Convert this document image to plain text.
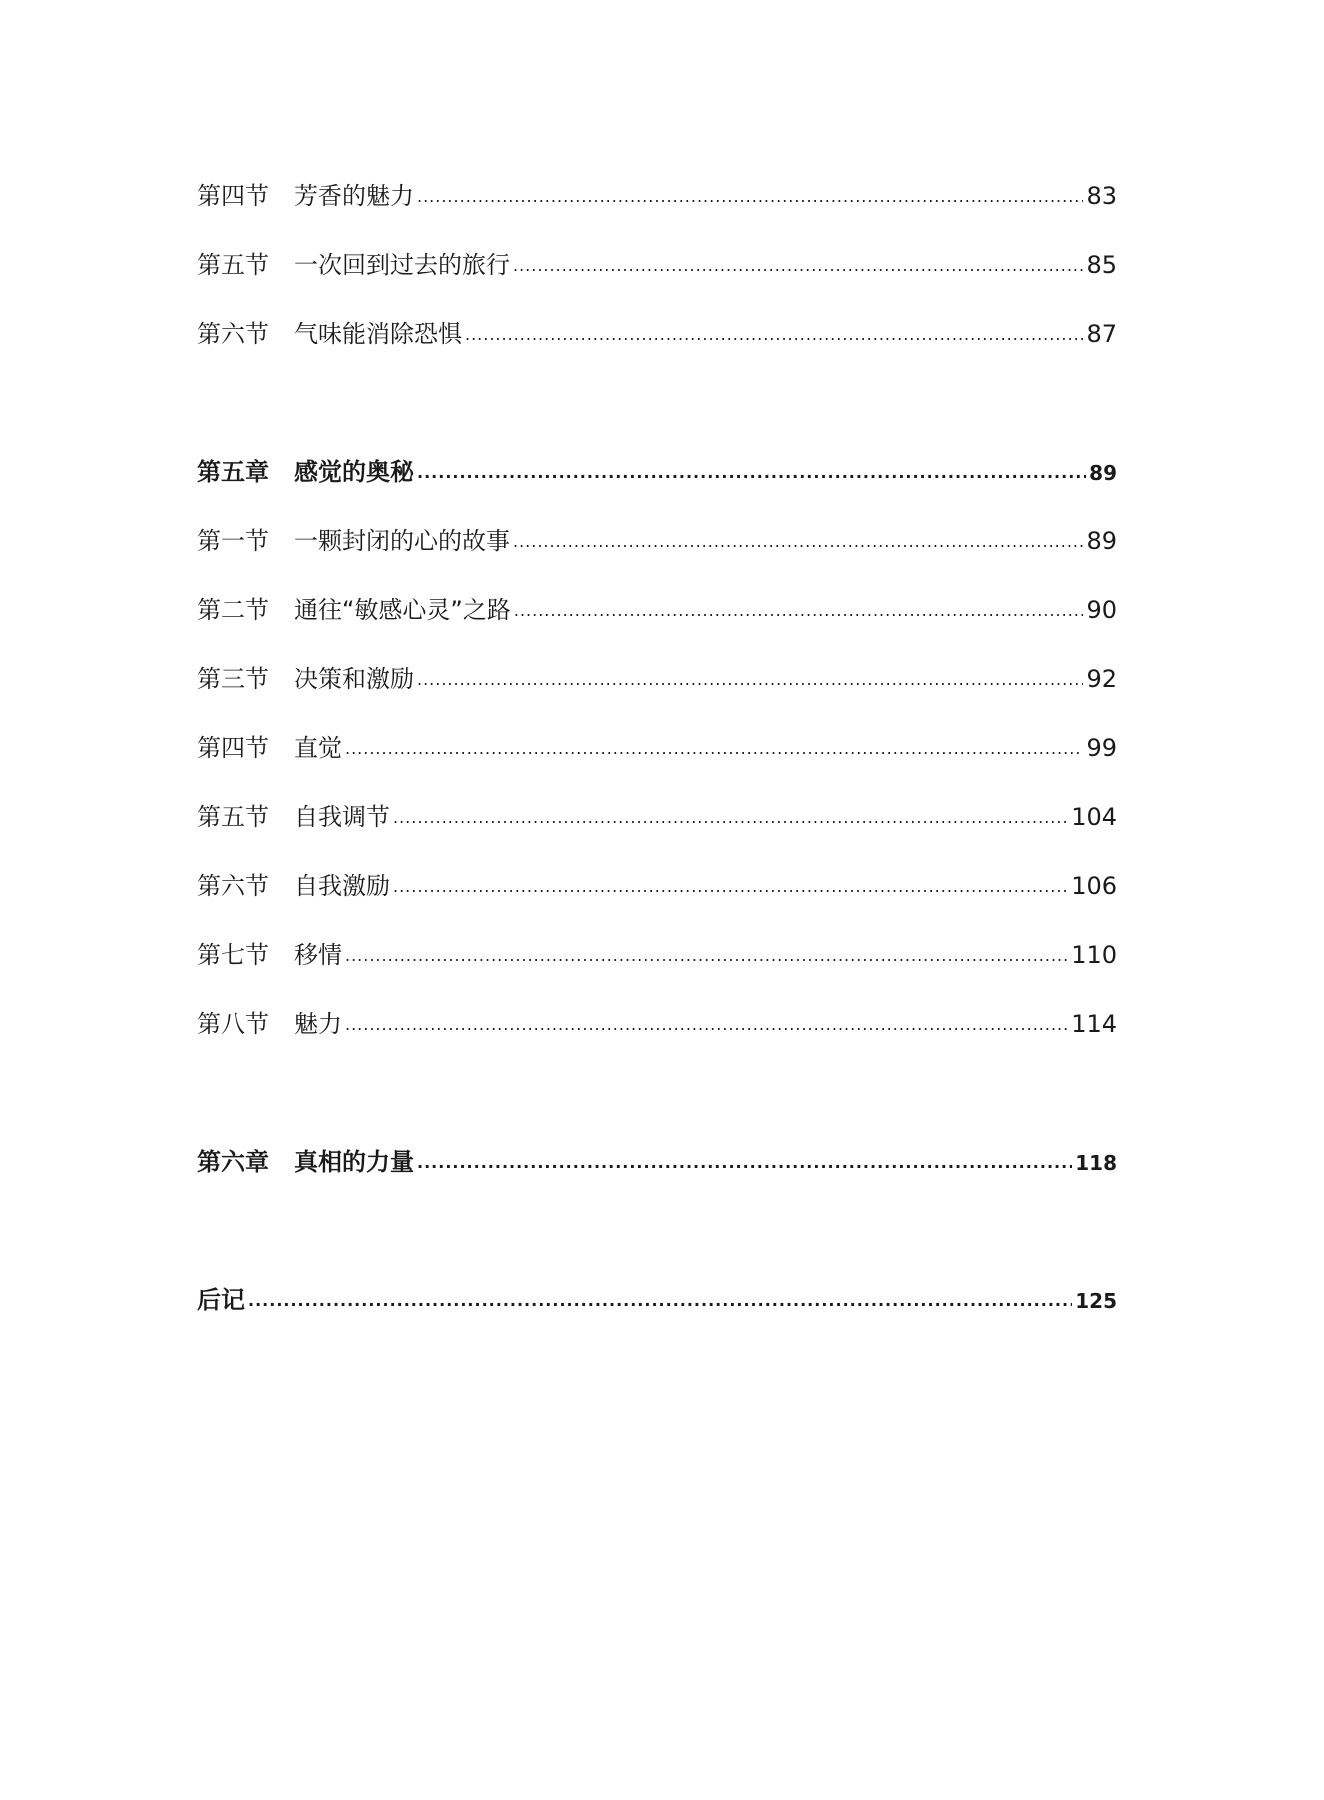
第四节	芳香的魅力 .....	83
第五节	一次回到过去的旅行 .....	85
第六节	气味能消除恐惧 .....	87
第五章	感觉的奥秘 .....	89
第一节	一颗封闭的心的故事 .....	89
第二节	通往“敏感心灵”之路 .....	90
第三节	决策和激励 .....	92
第四节	直觉 .....	99
第五节	自我调节 .....	104
第六节	自我激励 .....	106
第七节	移情 .....	110
第八节	魅力 .....	114
第六章	真相的力量 .....	118
后记 .....	125
